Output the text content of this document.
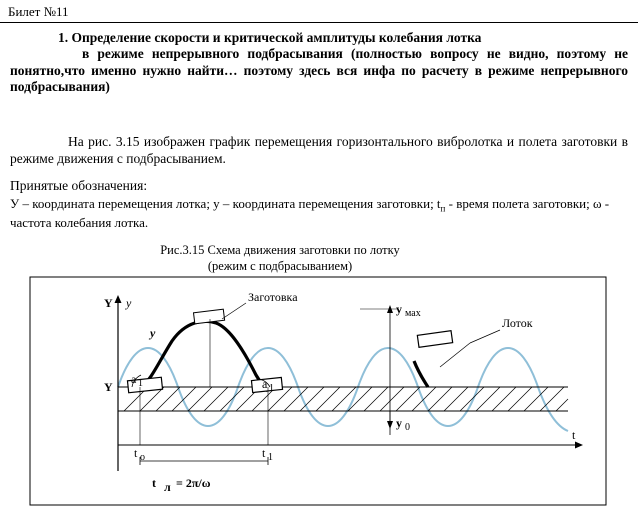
Билет №11
1. Определение скорости и критической амплитуды колебания лотка
в режиме непрерывного подбрасывания (полностью вопросу не видно, поэтому не понятно,что именно нужно найти… поэтому здесь вся инфа по расчету в режиме непрерывного подбрасывания)
На рис. 3.15 изображен график перемещения горизонтального вибролотка и полета заготовки в режиме движения с подбрасыванием.
Принятые обозначения:
У – координата перемещения лотка; у – координата перемещения заготовки; $t_п$ - время полета заготовки; ω - частота колебания лотка.
Рис.3.15 Схема движения заготовки по лотку
(режим с подбрасыванием)
Y y
t
Заготовка
Лоток
y
y мах
y 0
Y
a 1	a 1
t o	t 1
t л = 2π/ω
